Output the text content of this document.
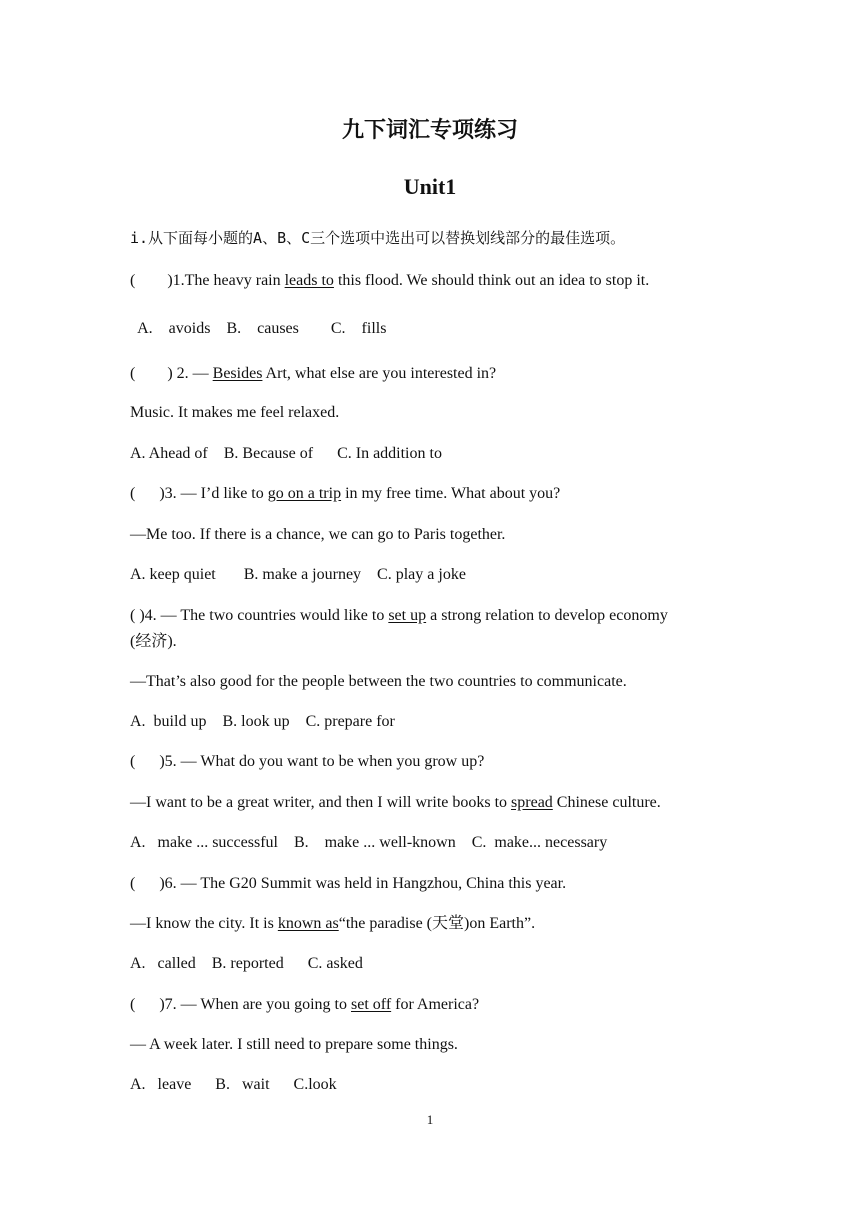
九下词汇专项练习
Unit1
i.从下面每小题的A、B、C三个选项中选出可以替换划线部分的最佳选项。
(        )1.The heavy rain leads to this flood. We should think out an idea to stop it.
A.    avoids    B.    causes        C.    fills
(        ) 2. — Besides Art, what else are you interested in?
Music. It makes me feel relaxed.
A. Ahead of    B. Because of      C. In addition to
(      )3. — I’d like to go on a trip in my free time. What about you?
—Me too. If there is a chance, we can go to Paris together.
A. keep quiet       B. make a journey    C. play a joke
( )4. — The two countries would like to set up a strong relation to develop economy (经济).
—That’s also good for the people between the two countries to communicate.
A.  build up    B. look up    C. prepare for
(      )5. — What do you want to be when you grow up?
—I want to be a great writer, and then I will write books to spread Chinese culture.
A.   make ... successful    B.    make ... well-known    C.  make... necessary
(      )6. — The G20 Summit was held in Hangzhou, China this year.
—I know the city. It is known as“the paradise (天堂)on Earth”.
A.   called    B. reported      C. asked
(      )7. — When are you going to set off for America?
— A week later. I still need to prepare some things.
A.   leave      B.   wait      C.look
1
